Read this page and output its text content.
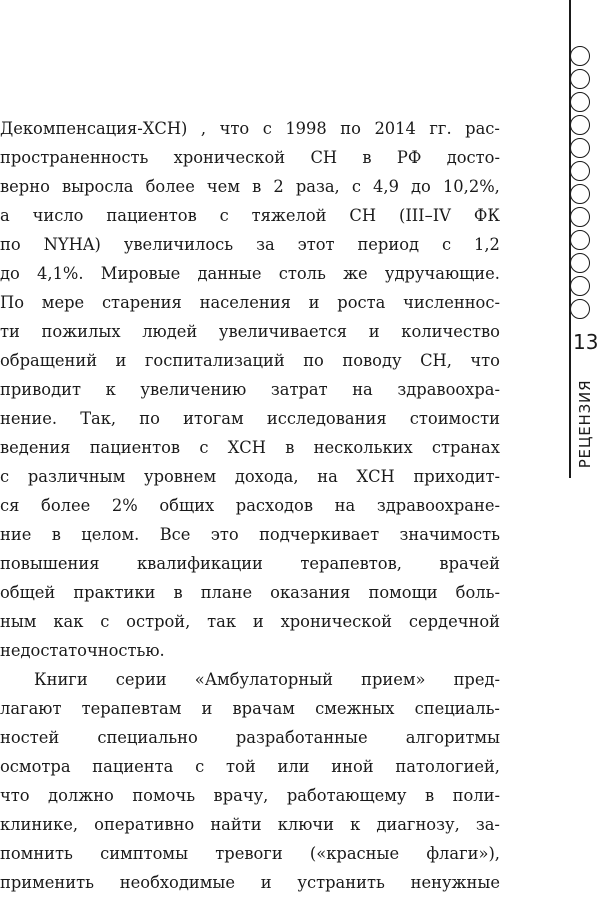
Декомпенсация-ХСН) , что с 1998 по 2014 гг. рас-
пространенность хронической СН в РФ досто-
верно выросла более чем в 2 раза, с 4,9 до 10,2%,
а число пациентов с тяжелой СН (III–IV ФК
по NYHA) увеличилось за этот период с 1,2
до 4,1%. Мировые данные столь же удручающие.
По мере старения населения и роста численнос-
ти пожилых людей увеличивается и количество
обращений и госпитализаций по поводу СН, что
приводит к увеличению затрат на здравоохра-
нение. Так, по итогам исследования стоимости
ведения пациентов с ХСН в нескольких странах
с различным уровнем дохода, на ХСН приходит-
ся более 2% общих расходов на здравоохране-
ние в целом. Все это подчеркивает значимость
повышения квалификации терапевтов, врачей
общей практики в плане оказания помощи боль-
ным как с острой, так и хронической сердечной
недостаточностью.
Книги серии «Амбулаторный прием» пред-
лагают терапевтам и врачам смежных специаль-
ностей специально разработанные алгоритмы
осмотра пациента с той или иной патологией,
что должно помочь врачу, работающему в поли-
клинике, оперативно найти ключи к диагнозу, за-
помнить симптомы тревоги («красные флаги»),
применить необходимые и устранить ненужные
13
РЕЦЕНЗИЯ
